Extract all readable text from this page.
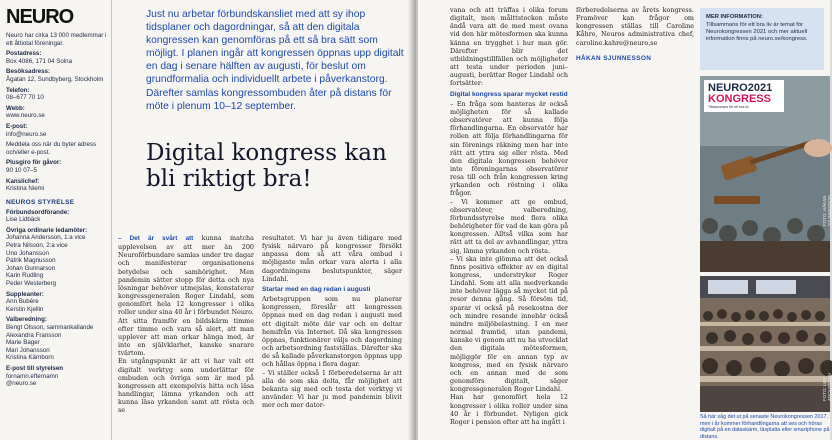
NEURO
Neuro har cirka 13 000 medlemmar i ett åttiotal föreningar.
Postadress:
Box 4086, 171 04 Solna
Besöksadress:
Ågatan 12, Sundbyberg, Stockholm
Telefon:
08–677 70 10
Webb:
www.neuro.se
E-post:
info@neuro.se
Meddela oss när du byter adress och/eller e-post.
Plusgiro för gåvor:
90 10 07–5
Kanslichef:
Kristina Niemi
NEUROS STYRELSE
Förbundsordförande:
Lise Lidbäck
Övriga ordinarie ledamöter:
Johanna Andersson, 1:a vice
Petra Nilsson, 2:a vice
Uno Johansson
Patrik Magnusson
Johan Gunnarson
Karin Rudling
Peder Westerberg
Suppleanter:
Ann Bubère
Kerstin Kjellin
Valberedning:
Bengt Olsson, sammankallande
Alexandra Fransson
Marie Bager
Mari Johansson
Kristina Kärnborn
E-post till styrelsen
fornamn.efternamn
@neuro.se
Just nu arbetar förbundskansliet med att sy ihop tidsplaner och dagordningar, så att den digitala kongressen kan genomföras på ett så bra sätt som möjligt. I planen ingår att kongressen öppnas upp digitalt en dag i senare hälften av augusti, för beslut om grundformalia och individuellt arbete i påverkanstorg. Därefter samlas kongressombuden åter på distans för möte i plenum 10–12 september.
Digital kongress kan bli riktigt bra!
– Det är svårt att kunna matcha upplevelsen av att mer än 200 Neuroförbundare samlas under tre dagar och manifesterar organisationens betydelse och samhörighet. Men pandemin sätter stopp för detta och nya lösningar behöver utmejslas, konstaterar kongressgeneralen Roger Lindahl, som genomfört hela 12 kongresser i olika roller under sina 40 år i förbundet Neuro.
Att sitta framför en bildskärm timme efter timme och vara så alert, att man upplever att man orkar hänga med, är inte en självklarhet, kanske snarare tvärtom.
En utgångspunkt är att vi har valt ett digitalt verktyg som underlättar för ombuden och övriga som är med på kongressen att exempelvis hitta och läsa handlingar, lämna yrkanden och att kunna läsa yrkanden samt att rösta och se
resultatet. Vi har ju även tidigare med fysisk närvaro på kongresser försökt anpassa dem så att våra ombud i möjligaste mån orkar vara alerta i alla dagordningens beslutspunkter, säger Lindahl.
Startar med en dag redan i augusti
Arbetsgruppen som nu planerar kongressen, föreslår att kongressen öppnas med en dag redan i augusti med ett digitalt möte där var och en deltar hemifrån via Internet. Då ska kongressen öppnas, funktionärer väljs och dagordning och arbetsordning fastställas. Därefter ska de så kallade påverkanstorgen öppnas upp och hållas öppna i flera dagar.
– Vi ställer också 1 förberedelserna är att alla de som ska delta, får möjlighet att bekanta sig med och testa det verktyg vi använder. Vi har ju med pandemin blivit mer och mer dator-
vana och att träffas i olika forum digitalt, men målttstocken måste ändå vara att de med mest ovana vid den här mötesformen ska kunna känna en trygghet i hur man gör. Därefter blir det utbildningstillfällen och möjligheter att testa under perioden juni–augusti, berättar Roger Lindahl och fortsätter:
Digital kongress sparar mycket restid
– En fråga som hanteras är också möjligheten för så kallade observatörer att kunna följa förhandlingarna. En observatör har rollen att följa förhandlingarna för sin förenings räkning men har inte rätt att yttra sig eller rösta. Med den digitala kongressen behöver inte föreningarnas observatörer resa till och från kongressen kring yrkanden och röstning i olika frågor.
– Vi kommer att ge ombud, observatörer, valberedning, förbundsstyrelse med flera olika behörigheter för vad de kan göra på kongressen. Alltså vilka som har rätt att ta del av avhandlingar, yttra sig, lämna yrkanden och rösta.
– Vi ska inte glömma att det också finns positiva effekter av en digital kongress, understryker Roger Lindahl. Som att alla medverkande inte behöver lägga så mycket tid på resor denna gång. Så försöm tid, sparar vi också på resekostna der och mindre resande innebär också mindre miljöbelastning. I en mer normal framtid, utan pandemi, kanske vi genom att nu ha utvecklat den digitala mötesformen, möjliggör för en annan typ av kongress, med en fysisk närvaro och en annan med de som genomförs digitalt, säger kongressgeneralen Roger Lindahl.
Han har genomfört hela 12 kongresser i olika roller under sina 40 år i förbundet. Nyligen gick Roger i pension efter att ha ingått i
förberedelserna av årets kongress. Framöver kan frågor om kongressen ställas till Caroline Kåhre, Neuros administrativa chef, caroline.kahre@neuro.se
HÅKAN SJUNNESSON
MER INFORMATION:
Tillsammans för ett bra liv är temat för Neurokongressen 2021 och mer aktuell information finns på neuro.se/kongress.
NEURO2021
KONGRESS
Tillsammans för ett bra liv
FOTO: HÅKAN SJUNNESSON
FOTO: LEIF ADOLFSSON
Så här såg det ut på senaste Neurokongressen 2017, men i år kommer förhandlingarna att ses och höras digitalt på en dataskärm, läsplatta eller smartphone på distans.
